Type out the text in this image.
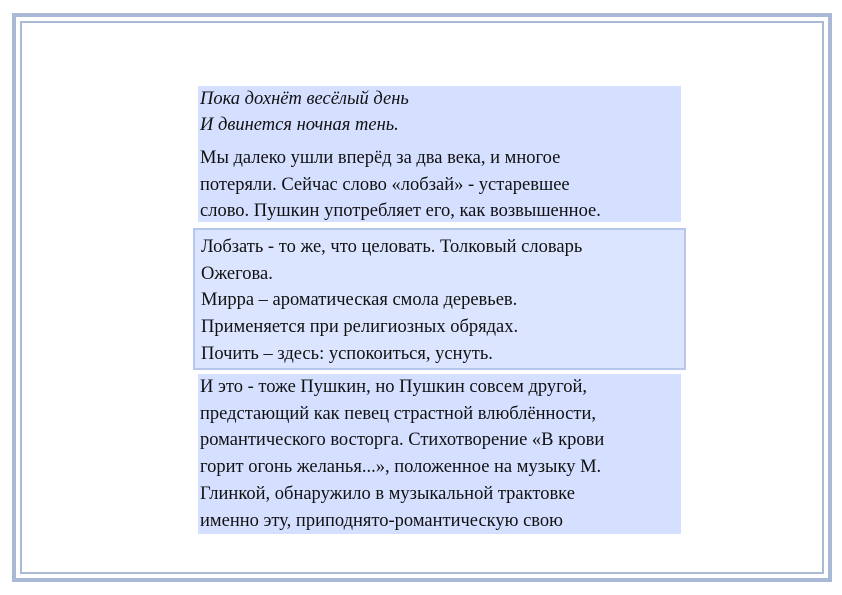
Пока дохнёт весёлый день

И двинется ночная тень.

Мы далеко ушли вперёд за два века, и многое

потеряли. Сейчас слово «лобзай» - устаревшее

слово. Пушкин употребляет его, как возвышенное.

Лобзать - то же, что целовать. Толковый словарь

Ожегова.

Мирра – ароматическая смола деревьев.

Применяется при религиозных обрядах.

Почить – здесь: успокоиться, уснуть.

И это - тоже Пушкин, но Пушкин совсем другой,

предстающий как певец страстной влюблённости,

романтического восторга. Стихотворение «В крови

горит огонь желанья...», положенное на музыку М.

Глинкой, обнаружило в музыкальной трактовке

именно эту, приподнято-романтическую свою
